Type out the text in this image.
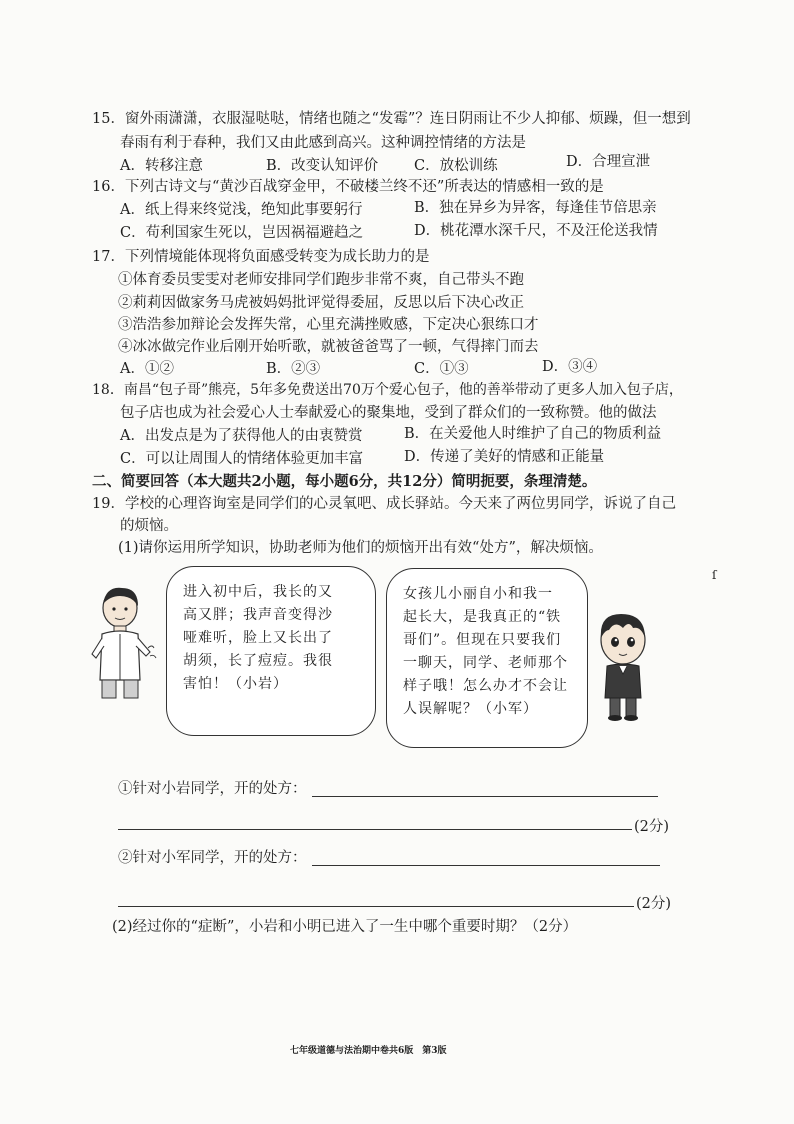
15．窗外雨潇潇，衣服湿哒哒，情绪也随之“发霉”？连日阴雨让不少人抑郁、烦躁，但一想到
春雨有利于春种，我们又由此感到高兴。这种调控情绪的方法是
A．转移注意	B．改变认知评价 C．放松训练	D．合理宣泄
16．下列古诗文与“黄沙百战穿金甲，不破楼兰终不还”所表达的情感相一致的是
A．纸上得来终觉浅，绝知此事要躬行	B．独在异乡为异客，每逢佳节倍思亲
C．苟利国家生死以，岂因祸福避趋之	D．桃花潭水深千尺，不及汪伦送我情
17．下列情境能体现将负面感受转变为成长助力的是
①体育委员雯雯对老师安排同学们跑步非常不爽，自己带头不跑
②莉莉因做家务马虎被妈妈批评觉得委屈，反思以后下决心改正
③浩浩参加辩论会发挥失常，心里充满挫败感，下定决心狠练口才
④冰冰做完作业后刚开始听歌，就被爸爸骂了一顿，气得摔门而去
A．①②	B．②③	C．①③	D．③④
18．南昌“包子哥”熊亮，5年多免费送出70万个爱心包子，他的善举带动了更多人加入包子店，
包子店也成为社会爱心人士奉献爱心的聚集地，受到了群众们的一致称赞。他的做法
A．出发点是为了获得他人的由衷赞赏	B．在关爱他人时维护了自己的物质利益
C．可以让周围人的情绪体验更加丰富	D．传递了美好的情感和正能量
二、简要回答（本大题共2小题，每小题6分，共12分）简明扼要，条理清楚。
19．学校的心理咨询室是同学们的心灵氧吧、成长驿站。今天来了两位男同学，诉说了自己
的烦恼。
(1)请你运用所学知识，协助老师为他们的烦恼开出有效“处方”，解决烦恼。
ſ
进入初中后，我长的又
高又胖；我声音变得沙
哑难听，脸上又长出了
胡须，长了痘痘。我很
害怕！（小岩）
女孩儿小丽自小和我一
起长大，是我真正的“铁
哥们”。但现在只要我们
一聊天，同学、老师那个
样子哦！怎么办才不会让
人误解呢？（小军）
①针对小岩同学，开的处方：
(2分)
②针对小军同学，开的处方：
(2分)
(2)经过你的“症断”，小岩和小明已进入了一生中哪个重要时期？（2分）
七年级道德与法治期中卷共6版　第3版
